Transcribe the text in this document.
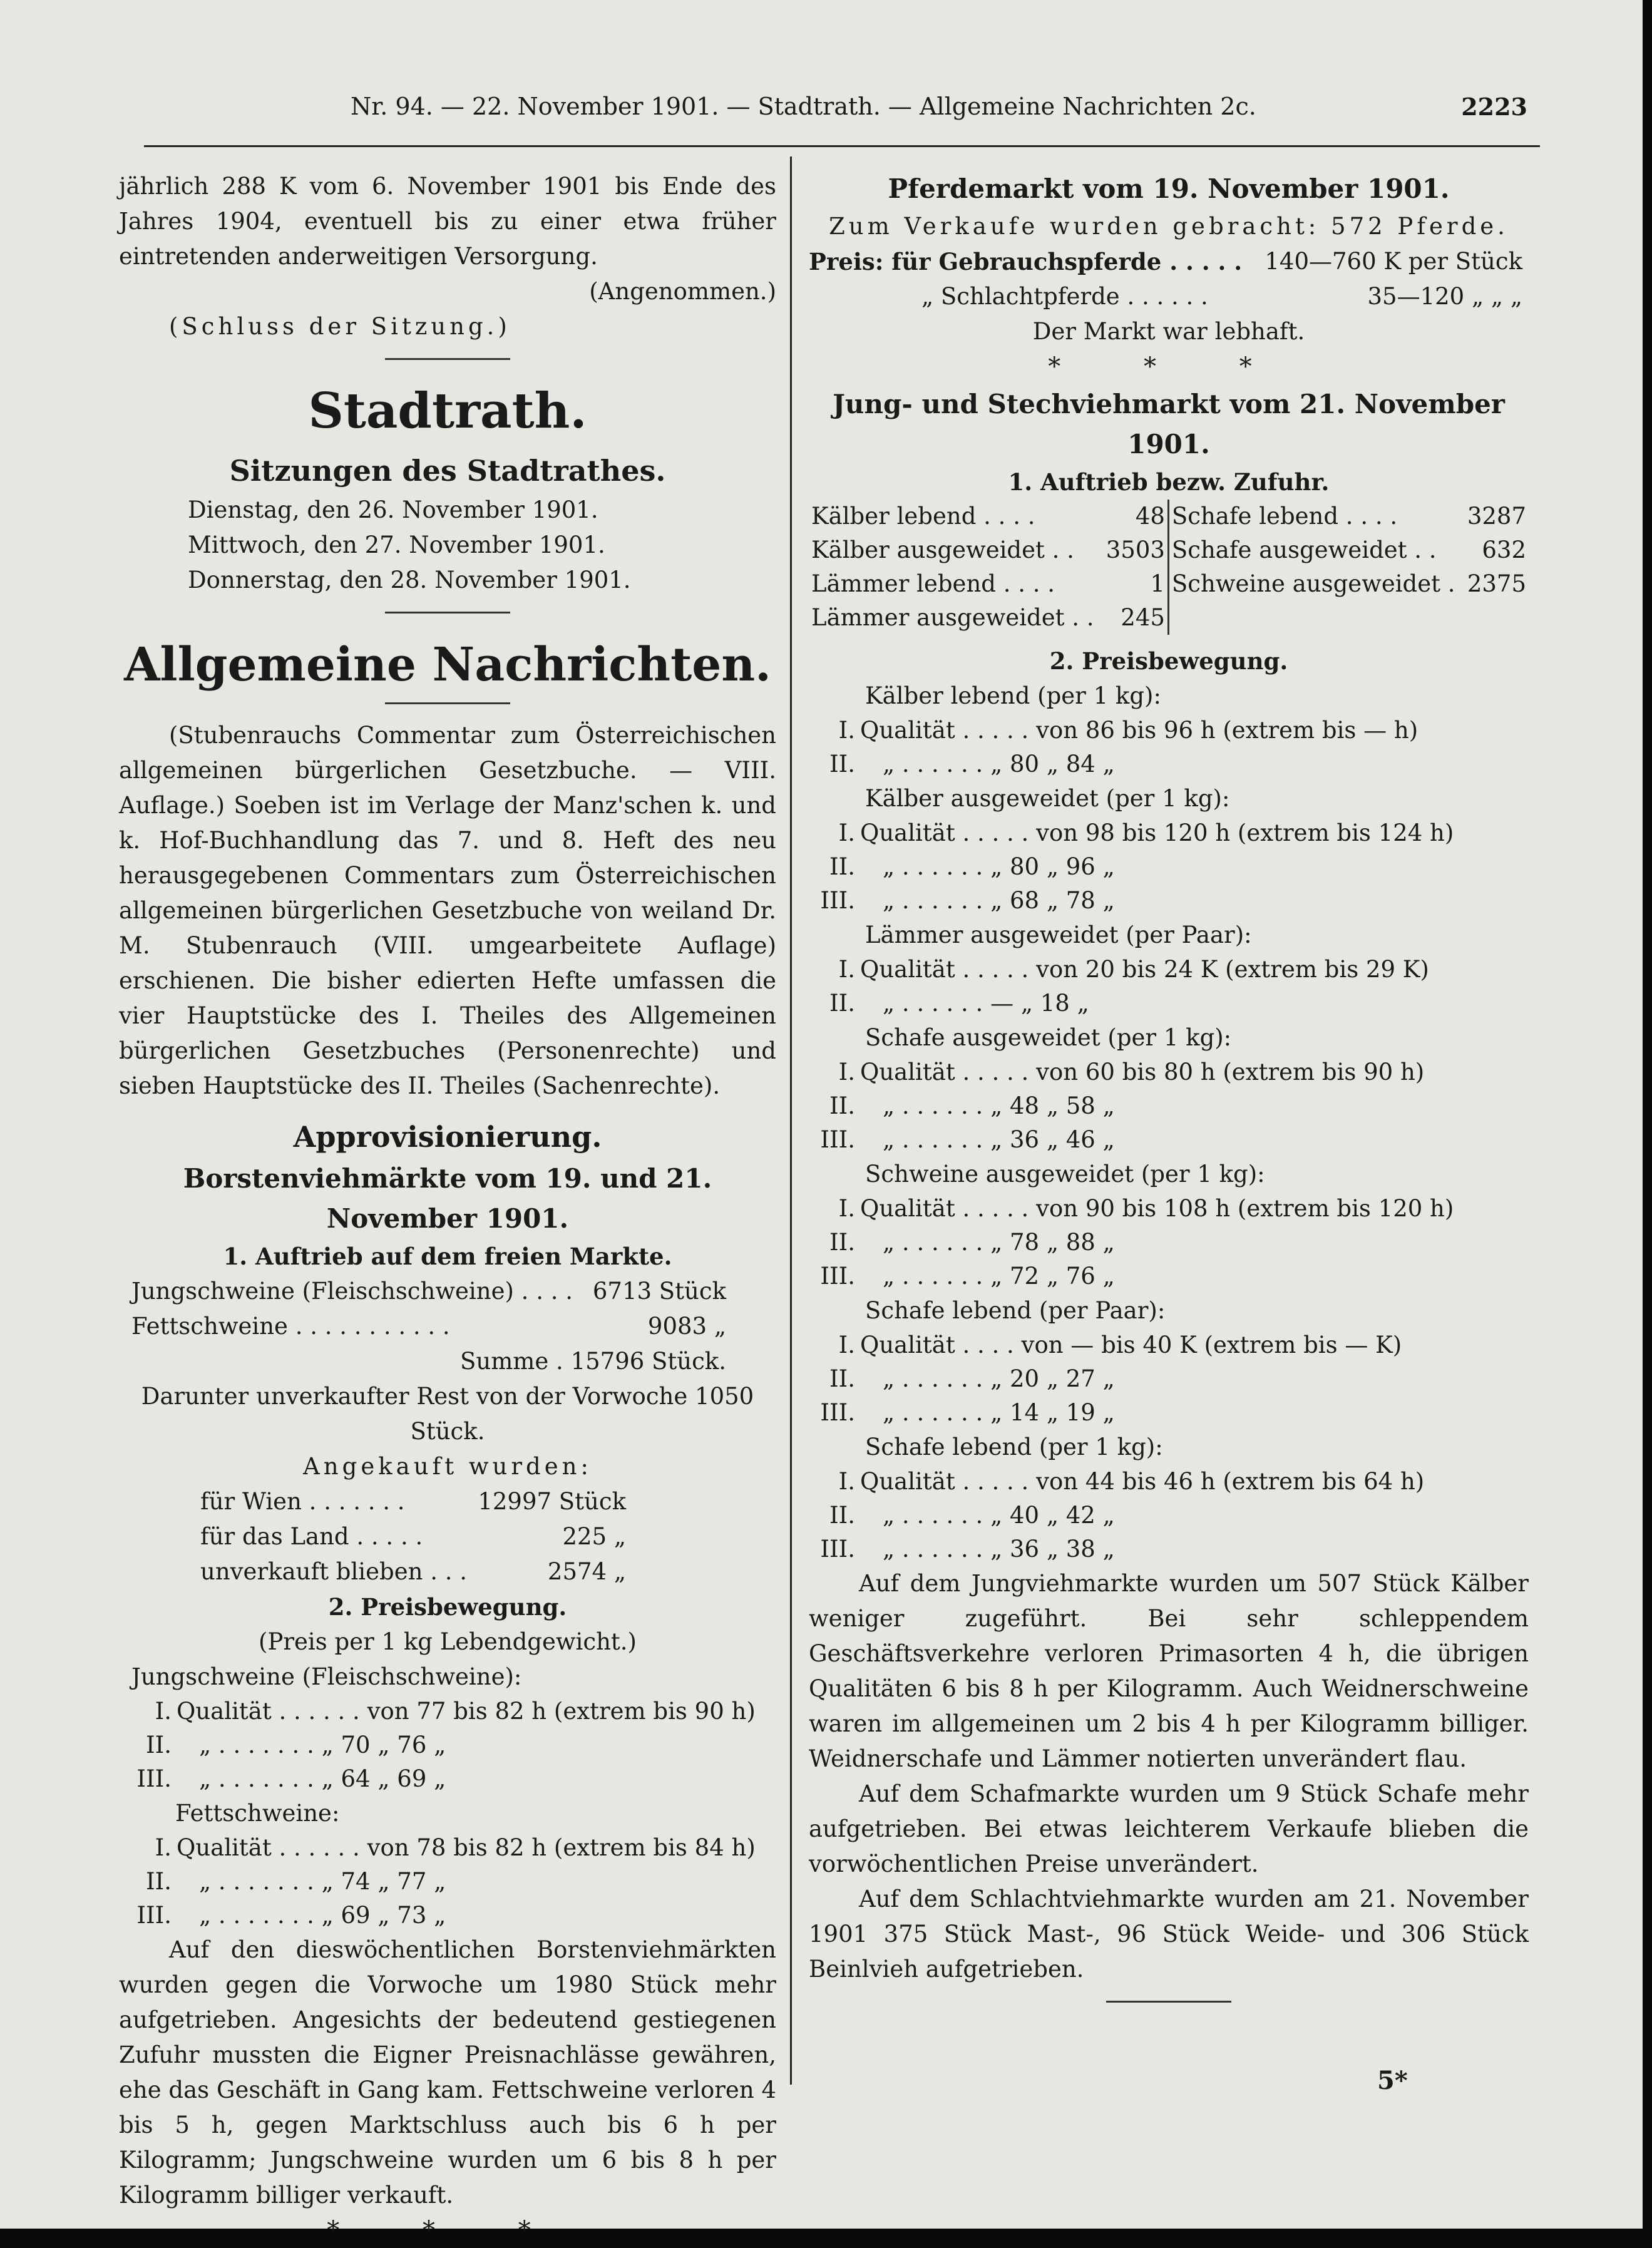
Nr. 94. — 22. November 1901. — Stadtrath. — Allgemeine Nachrichten 2c.	2223

jährlich 288 K vom 6. November 1901 bis Ende des Jahres 1904, eventuell bis zu einer etwa früher eintretenden anderweitigen Versorgung.

(Angenommen.)

(Schluss der Sitzung.)

Stadtrath.

Sitzungen des Stadtrathes.

Dienstag, den 26. November 1901.

Mittwoch, den 27. November 1901.

Donnerstag, den 28. November 1901.

Allgemeine Nachrichten.

(Stubenrauchs Commentar zum Österreichischen allgemeinen bürgerlichen Gesetzbuche. — VIII. Auflage.) Soeben ist im Verlage der Manz'schen k. und k. Hof-Buchhandlung das 7. und 8. Heft des neu herausgegebenen Commentars zum Österreichischen allgemeinen bürgerlichen Gesetzbuche von weiland Dr. M. Stubenrauch (VIII. umgearbeitete Auflage) erschienen. Die bisher edierten Hefte umfassen die vier Hauptstücke des I. Theiles des Allgemeinen bürgerlichen Gesetzbuches (Personenrechte) und sieben Hauptstücke des II. Theiles (Sachenrechte).

Approvisionierung.

Borstenviehmärkte vom 19. und 21. November 1901.

1. Auftrieb auf dem freien Markte.

Jungschweine (Fleischschweine) . . . . 6713 Stück
Fettschweine . . . . . . . . . . .	9083 „

Summe . 15796 Stück.

Darunter unverkaufter Rest von der Vorwoche 1050 Stück.

Angekauft wurden:

für Wien . . . . . . .	12997 Stück
für das Land . . . . .	225 „
unverkauft blieben . . .	2574 „

2. Preisbewegung.

(Preis per 1 kg Lebendgewicht.)

Jungschweine (Fleischschweine):

I.	Qualität . . . . . . von 77 bis 82 h (extrem bis 90 h)
II.	„ . . . . . . . „ 70 „ 76 „
III.	„ . . . . . . . „ 64 „ 69 „

Fettschweine:

I.	Qualität . . . . . . von 78 bis 82 h (extrem bis 84 h)
II.	„ . . . . . . . „ 74 „ 77 „
III.	„ . . . . . . . „ 69 „ 73 „

Auf den dieswöchentlichen Borstenviehmärkten wurden gegen die Vorwoche um 1980 Stück mehr aufgetrieben. Angesichts der bedeutend gestiegenen Zufuhr mussten die Eigner Preisnachlässe gewähren, ehe das Geschäft in Gang kam. Fettschweine verloren 4 bis 5 h, gegen Marktschluss auch bis 6 h per Kilogramm; Jungschweine wurden um 6 bis 8 h per Kilogramm billiger verkauft.

* * *

Pferdemarkt vom 19. November 1901.

Zum Verkaufe wurden gebracht: 572 Pferde.

Preis: für Gebrauchspferde . . . . . 140—760 K per Stück
„ Schlachtpferde . . . . . .	35—120 „ „ „

Der Markt war lebhaft.

* * *

Jung- und Stechviehmarkt vom 21. November 1901.

1. Auftrieb bezw. Zufuhr.

Kälber lebend . . . .	48	Schafe lebend . . . .	3287
Kälber ausgeweidet . .	3503	Schafe ausgeweidet . .	632
Lämmer lebend . . . .	1	Schweine ausgeweidet .	2375
Lämmer ausgeweidet . .	245		

2. Preisbewegung.

Kälber lebend (per 1 kg):

I.	Qualität . . . . . von 86 bis 96 h (extrem bis — h)
II.	„ . . . . . . „ 80 „ 84 „

Kälber ausgeweidet (per 1 kg):

I.	Qualität . . . . . von 98 bis 120 h (extrem bis 124 h)
II.	„ . . . . . . „ 80 „ 96 „
III.	„ . . . . . . „ 68 „ 78 „

Lämmer ausgeweidet (per Paar):

I.	Qualität . . . . . von 20 bis 24 K (extrem bis 29 K)
II.	„ . . . . . . — „ 18 „

Schafe ausgeweidet (per 1 kg):

I.	Qualität . . . . . von 60 bis 80 h (extrem bis 90 h)
II.	„ . . . . . . „ 48 „ 58 „
III.	„ . . . . . . „ 36 „ 46 „

Schweine ausgeweidet (per 1 kg):

I.	Qualität . . . . . von 90 bis 108 h (extrem bis 120 h)
II.	„ . . . . . . „ 78 „ 88 „
III.	„ . . . . . . „ 72 „ 76 „

Schafe lebend (per Paar):

I.	Qualität . . . . von — bis 40 K (extrem bis — K)
II.	„ . . . . . . „ 20 „ 27 „
III.	„ . . . . . . „ 14 „ 19 „

Schafe lebend (per 1 kg):

I.	Qualität . . . . . von 44 bis 46 h (extrem bis 64 h)
II.	„ . . . . . . „ 40 „ 42 „
III.	„ . . . . . . „ 36 „ 38 „

Auf dem Jungviehmarkte wurden um 507 Stück Kälber weniger zugeführt. Bei sehr schleppendem Geschäftsverkehre verloren Primasorten 4 h, die übrigen Qualitäten 6 bis 8 h per Kilogramm. Auch Weidnerschweine waren im allgemeinen um 2 bis 4 h per Kilogramm billiger. Weidnerschafe und Lämmer notierten unverändert flau.

Auf dem Schafmarkte wurden um 9 Stück Schafe mehr aufgetrieben. Bei etwas leichterem Verkaufe blieben die vorwöchentlichen Preise unverändert.

Auf dem Schlachtviehmarkte wurden am 21. November 1901 375 Stück Mast-, 96 Stück Weide- und 306 Stück Beinlvieh aufgetrieben.

5*
